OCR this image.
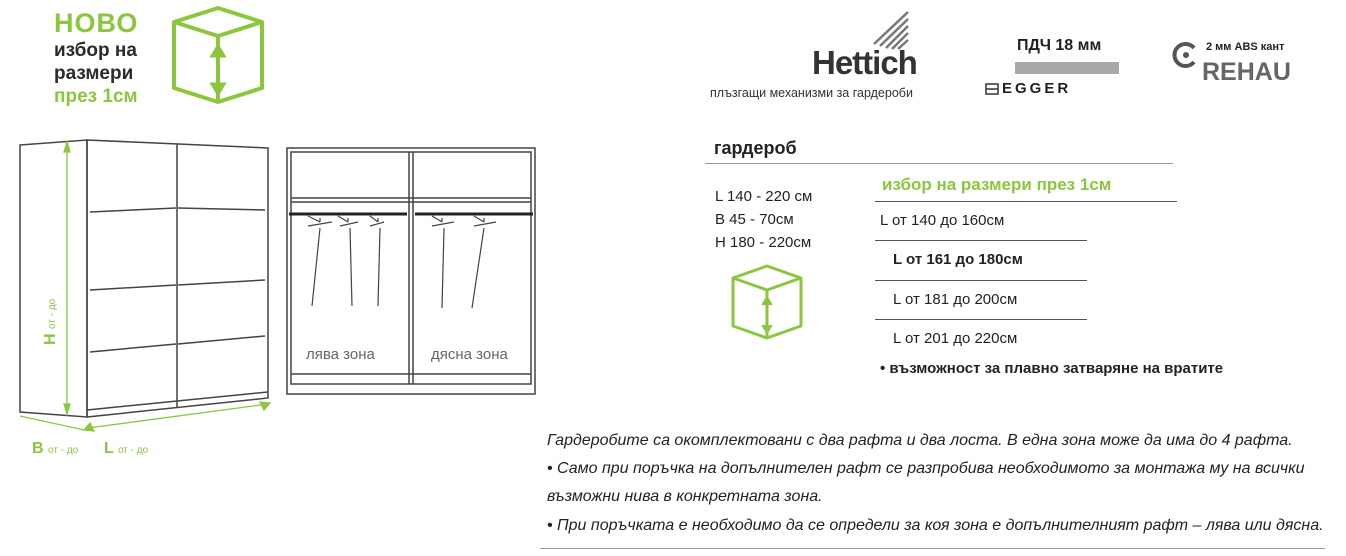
НОВО
избор на
размери
през 1см
H от - до
B от - до L от - до
лява зона	дясна зона
Hettich
плъзгащи механизми за гардероби
ПДЧ 18 мм
EGGER
2 мм ABS кант
REHAU
гардероб
L 140 - 220 см
B 45 - 70см
H 180 - 220см
избор на размери през 1см
L от 140 до 160см
L от 161 до 180см
L от 181 до 200см
L от 201 до 220см
• възможност за плавно затваряне на вратите
Гардеробите са окомплектовани с два рафта и два лоста. В една зона може да има до 4 рафта.
• Само при поръчка на допълнителен рафт се разпробива необходимото за монтажа му на всички
възможни нива в конкретната зона.
• При поръчката е необходимо да се определи за коя зона е допълнителният рафт – лява или дясна.
